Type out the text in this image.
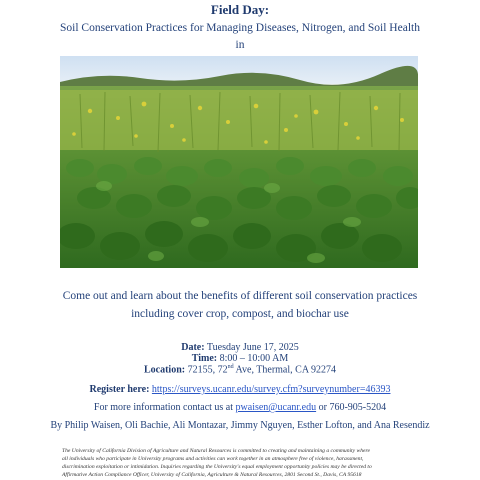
Field Day:
Soil Conservation Practices for Managing Diseases, Nitrogen, and Soil Health in
Come out and learn about the benefits of different soil conservation practices
including cover crop, compost, and biochar use
Date: Tuesday June 17, 2025
Time: 8:00 – 10:00 AM
Location: 72155, 72nd Ave, Thermal, CA 92274
Register here: https://surveys.ucanr.edu/survey.cfm?surveynumber=46393
For more information contact us at pwaisen@ucanr.edu or 760-905-5204
By Philip Waisen, Oli Bachie, Ali Montazar, Jimmy Nguyen, Esther Lofton, and Ana Resendiz
The University of California Division of Agriculture and Natural Resources is committed to creating and maintaining a community where
all individuals who participate in University programs and activities can work together in an atmosphere free of violence, harassment,
discrimination exploitation or intimidation. Inquiries regarding the University's equal employment opportunity policies may be directed to
Affirmative Action Compliance Officer, University of California, Agriculture & Natural Resources, 2801 Second St., Davis, CA 95618
